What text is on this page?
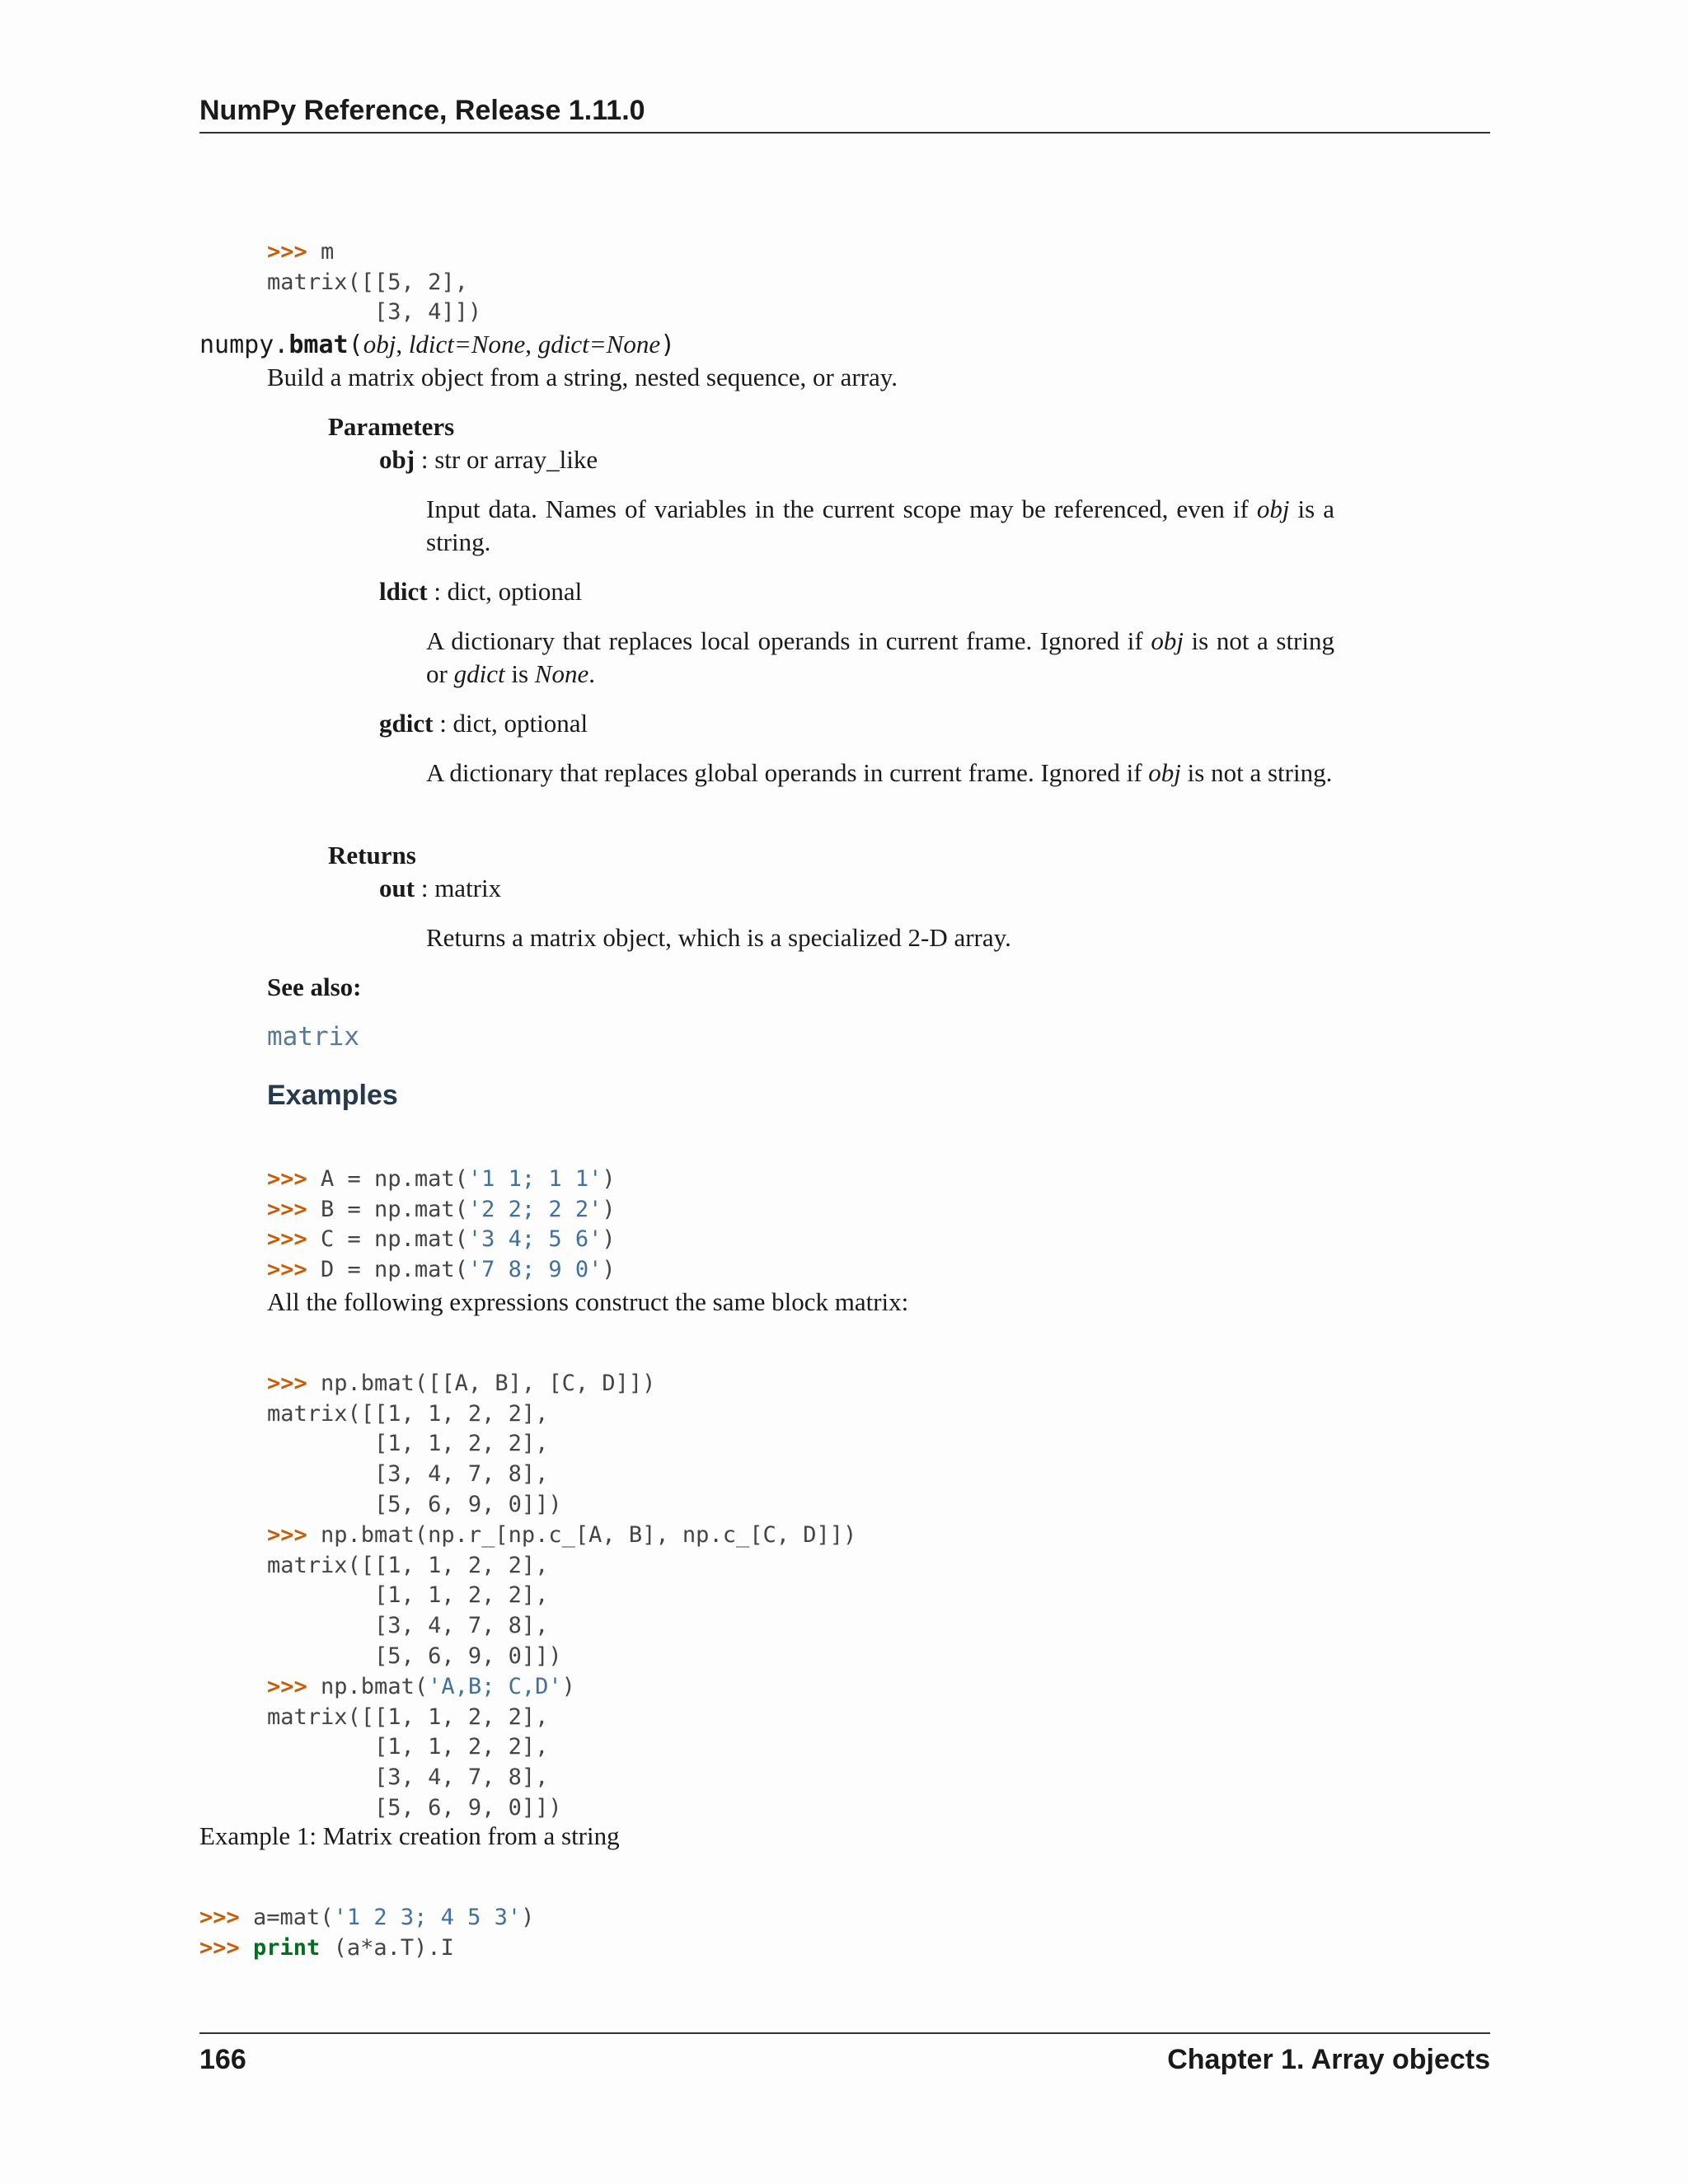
NumPy Reference, Release 1.11.0

>>> m
matrix([[5, 2],
[3, 4]])
numpy.bmat(obj, ldict=None, gdict=None)
Build a matrix object from a string, nested sequence, or array.
Parameters
obj : str or array_like
Input data. Names of variables in the current scope may be referenced, even if obj is a string.
ldict : dict, optional
A dictionary that replaces local operands in current frame. Ignored if obj is not a string or gdict is None.
gdict : dict, optional
A dictionary that replaces global operands in current frame. Ignored if obj is not a string.
Returns
out : matrix
Returns a matrix object, which is a specialized 2-D array.
See also:
matrix
Examples

>>> A = np.mat('1 1; 1 1')
>>> B = np.mat('2 2; 2 2')
>>> C = np.mat('3 4; 5 6')
>>> D = np.mat('7 8; 9 0')
All the following expressions construct the same block matrix:

>>> np.bmat([[A, B], [C, D]])
matrix([[1, 1, 2, 2],
[1, 1, 2, 2],
[3, 4, 7, 8],
[5, 6, 9, 0]])
>>> np.bmat(np.r_[np.c_[A, B], np.c_[C, D]])
matrix([[1, 1, 2, 2],
[1, 1, 2, 2],
[3, 4, 7, 8],
[5, 6, 9, 0]])
>>> np.bmat('A,B; C,D')
matrix([[1, 1, 2, 2],
[1, 1, 2, 2],
[3, 4, 7, 8],
[5, 6, 9, 0]])
Example 1: Matrix creation from a string

>>> a=mat('1 2 3; 4 5 3')
>>> print (a*a.T).I
166	Chapter 1. Array objects
